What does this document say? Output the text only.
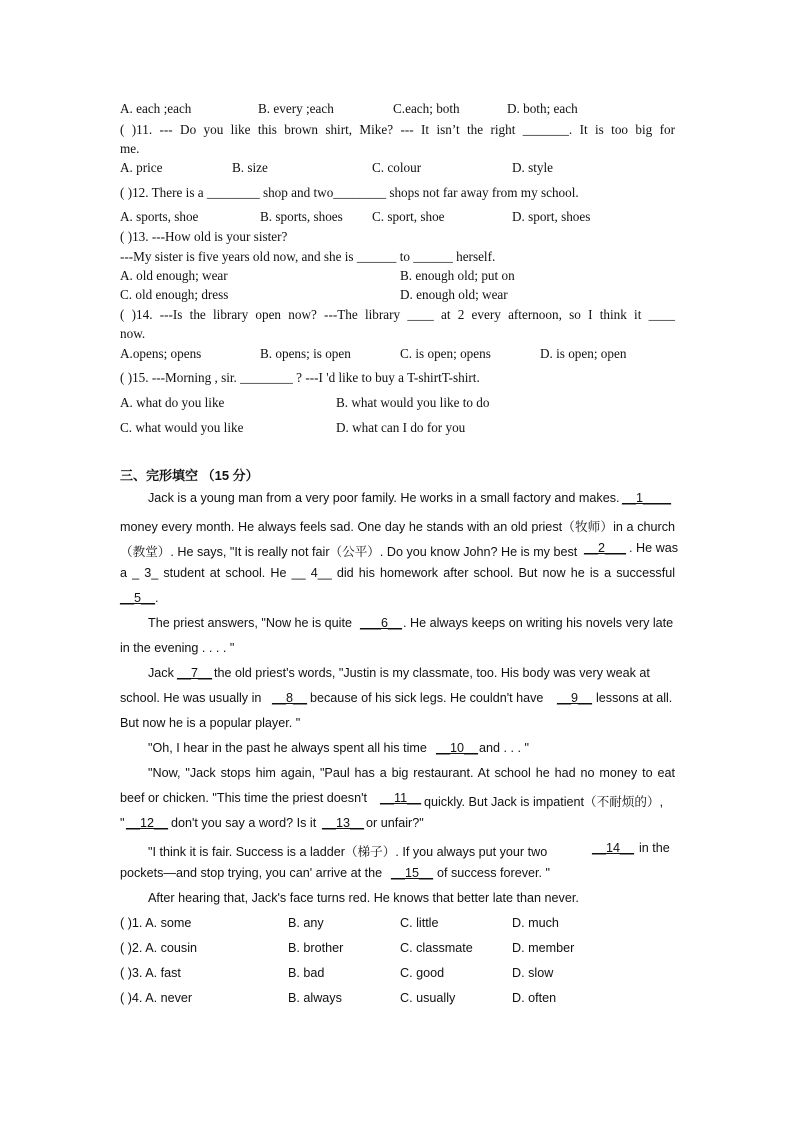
A. each ;each	B. every ;each	C.each; both	D. both; each
( )11. --- Do you like this brown shirt, Mike? --- It isn’t the right _______. It is too big for
me.
A. price	B. size	C. colour	D. style
( )12. There is a ________ shop and two________ shops not far away from my school.
A. sports, shoe	B. sports, shoes C. sport, shoe	D. sport, shoes
( )13. ---How old is your sister?
---My sister is five years old now, and she is ______ to ______ herself.
A. old enough; wear	B. enough old; put on
C. old enough; dress	D. enough old; wear
( )14. ---Is the library open now? ---The library ____ at 2 every afternoon, so I think it ____
now.
A.opens; opens	B. opens; is open	C. is open; opens	D. is open; open
( )15. ---Morning , sir. ________ ? ---I 'd like to buy a T-shirtT-shirt.
A. what do you like	B. what would you like to do
C. what would you like	D. what can I do for you
三、完形填空 （15 分）
Jack is a young man from a very poor family. He works in a small factory and makes. __1____
money every month. He always feels sad. One day he stands with an old priest（牧师）in a church
（教堂）. He says, "It is really not fair（公平）. Do you know John? He is my best __2___ . He was
a _ 3_ student at school. He __ 4__ did his homework after school. But now he is a successful
__5__ .
The priest answers, "Now he is quite ___6__ . He always keeps on writing his novels very late
in the evening . . . . "
Jack __7__ the old priest's words, "Justin is my classmate, too. His body was very weak at
school. He was usually in __8__ because of his sick legs. He couldn't have __9__ lessons at all.
But now he is a popular player. "
"Oh, I hear in the past he always spent all his time __10__ and . . . "
"Now, "Jack stops him again, "Paul has a big restaurant. At school he had no money to eat
beef or chicken. "This time the priest doesn't __11__ quickly. But Jack is impatient（不耐烦的）,
" __12__ don't you say a word? Is it __13__ or unfair?"
"I think it is fair. Success is a ladder（梯子）. If you always put your two	__14__ in the
pockets—and stop trying, you can' arrive at the __15__ of success forever. "
After hearing that, Jack's face turns red. He knows that better late than never.
( )1. A. some	B. any	C. little	D. much
( )2. A. cousin	B. brother	C. classmate	D. member
( )3. A. fast	B. bad	C. good	D. slow
( )4. A. never	B. always	C. usually	D. often
